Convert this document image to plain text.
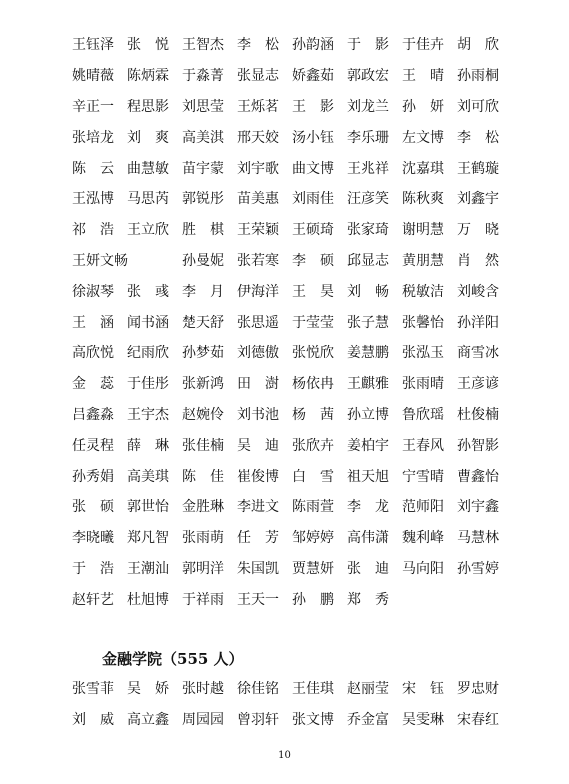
王钰泽 张　悦 王智杰 李　松 孙韵涵 于　影 于佳卉 胡　欣
姚晴薇 陈炳霖 于淼菁 张显志 娇鑫茹 郭政宏 王　晴 孙雨桐
辛正一 程思影 刘思莹 王烁茗 王　影 刘龙兰 孙　妍 刘可欣
张培龙 刘　爽 高美淇 邢天姣 汤小钰 李乐珊 左文博 李　松
陈　云 曲慧敏 苗宇蒙 刘宇歌 曲文博 王兆祥 沈嘉琪 王鹤璇
王泓博 马思芮 郭锐彤 苗美惠 刘雨佳 汪彦笑 陈秋爽 刘鑫宇
祁　浩 王立欣 胜　棋 王荣颖 王硕琦 张家琦 谢明慧 万　晓
王妍文畅	孙曼妮 张若寒 李　硕 邱显志 黄朋慧 肖　然
徐淑琴 张　彧 李　月 伊海洋 王　昊 刘　畅 税敏洁 刘峻含
王　涵 闻书涵 楚天舒 张思遥 于莹莹 张子慧 张馨怡 孙洋阳
高欣悦 纪雨欣 孙梦茹 刘德傲 张悦欣 姜慧鹏 张泓玉 商雪冰
金　蕊 于佳彤 张新鸿 田　澍 杨依冉 王麒雅 张雨晴 王彦谚
吕鑫淼 王宇杰 赵婉伶 刘书池 杨　茜 孙立博 鲁欣瑶 杜俊楠
任灵程 薛　琳 张佳楠 吴　迪 张欣卉 姜柏宇 王春风 孙智影
孙秀娟 高美琪 陈　佳 崔俊博 白　雪 祖天旭 宁雪晴 曹鑫怡
张　硕 郭世怡 金胜琳 李进文 陈雨萱 李　龙 范师阳 刘宇鑫
李晓曦 郑凡智 张雨萌 任　芳 邹婷婷 高伟潇 魏利峰 马慧林
于　浩 王潮汕 郭明洋 朱国凯 贾慧妍 张　迪 马向阳 孙雪婷
赵轩艺 杜旭博 于祥雨 王天一 孙　鹏 郑　秀
金融学院（555 人）
张雪菲 吴　娇 张时越 徐佳铭 王佳琪 赵丽莹 宋　钰 罗忠财
刘　威 高立鑫 周园园 曾羽轩 张文博 乔金富 吴雯琳 宋春红
10
